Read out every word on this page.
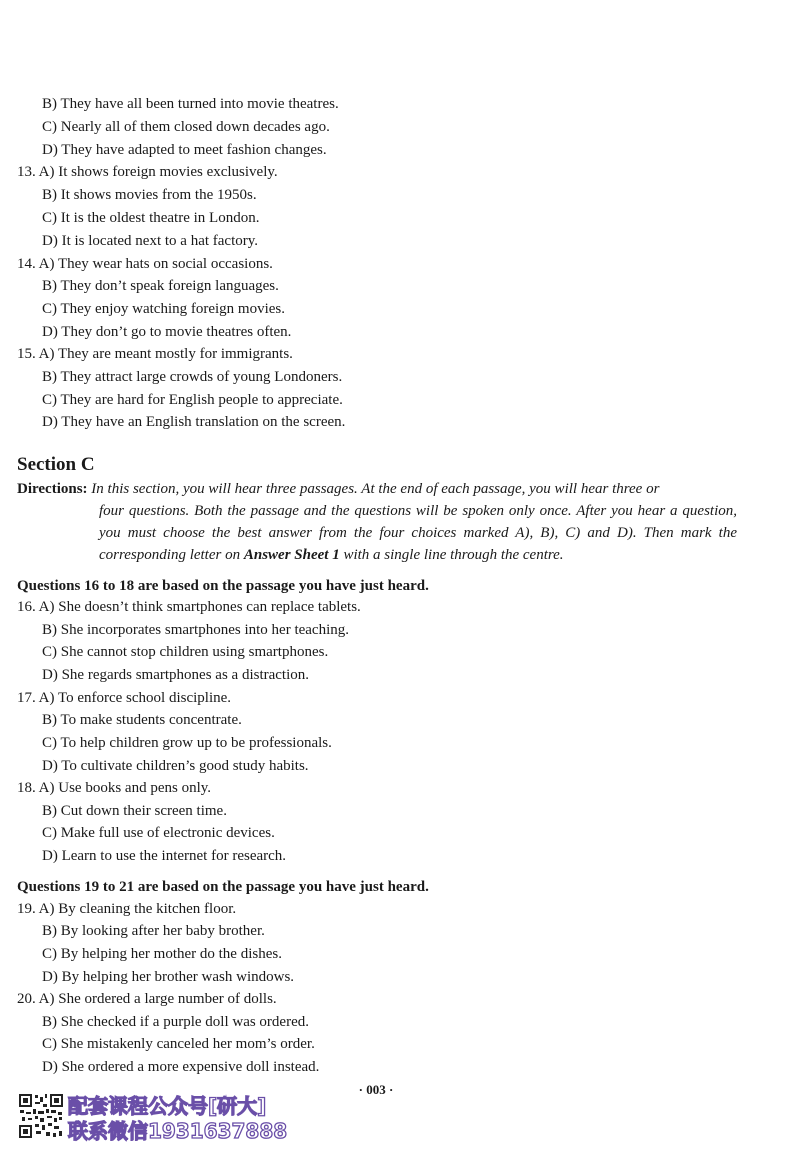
B) They have all been turned into movie theatres.
C) Nearly all of them closed down decades ago.
D) They have adapted to meet fashion changes.
13. A) It shows foreign movies exclusively.
B) It shows movies from the 1950s.
C) It is the oldest theatre in London.
D) It is located next to a hat factory.
14. A) They wear hats on social occasions.
B) They don’t speak foreign languages.
C) They enjoy watching foreign movies.
D) They don’t go to movie theatres often.
15. A) They are meant mostly for immigrants.
B) They attract large crowds of young Londoners.
C) They are hard for English people to appreciate.
D) They have an English translation on the screen.
Section C
Directions: In this section, you will hear three passages. At the end of each passage, you will hear three or
four questions. Both the passage and the questions will be spoken only once. After you hear a question, you must choose the best answer from the four choices marked A), B), C) and D). Then mark the corresponding letter on Answer Sheet 1 with a single line through the centre.
Questions 16 to 18 are based on the passage you have just heard.
16. A) She doesn’t think smartphones can replace tablets.
B) She incorporates smartphones into her teaching.
C) She cannot stop children using smartphones.
D) She regards smartphones as a distraction.
17. A) To enforce school discipline.
B) To make students concentrate.
C) To help children grow up to be professionals.
D) To cultivate children’s good study habits.
18. A) Use books and pens only.
B) Cut down their screen time.
C) Make full use of electronic devices.
D) Learn to use the internet for research.
Questions 19 to 21 are based on the passage you have just heard.
19. A) By cleaning the kitchen floor.
B) By looking after her baby brother.
C) By helping her mother do the dishes.
D) By helping her brother wash windows.
20. A) She ordered a large number of dolls.
B) She checked if a purple doll was ordered.
C) She mistakenly canceled her mom’s order.
D) She ordered a more expensive doll instead.
· 003 ·
配套课程公众号[研大]
联系微信1931637888
